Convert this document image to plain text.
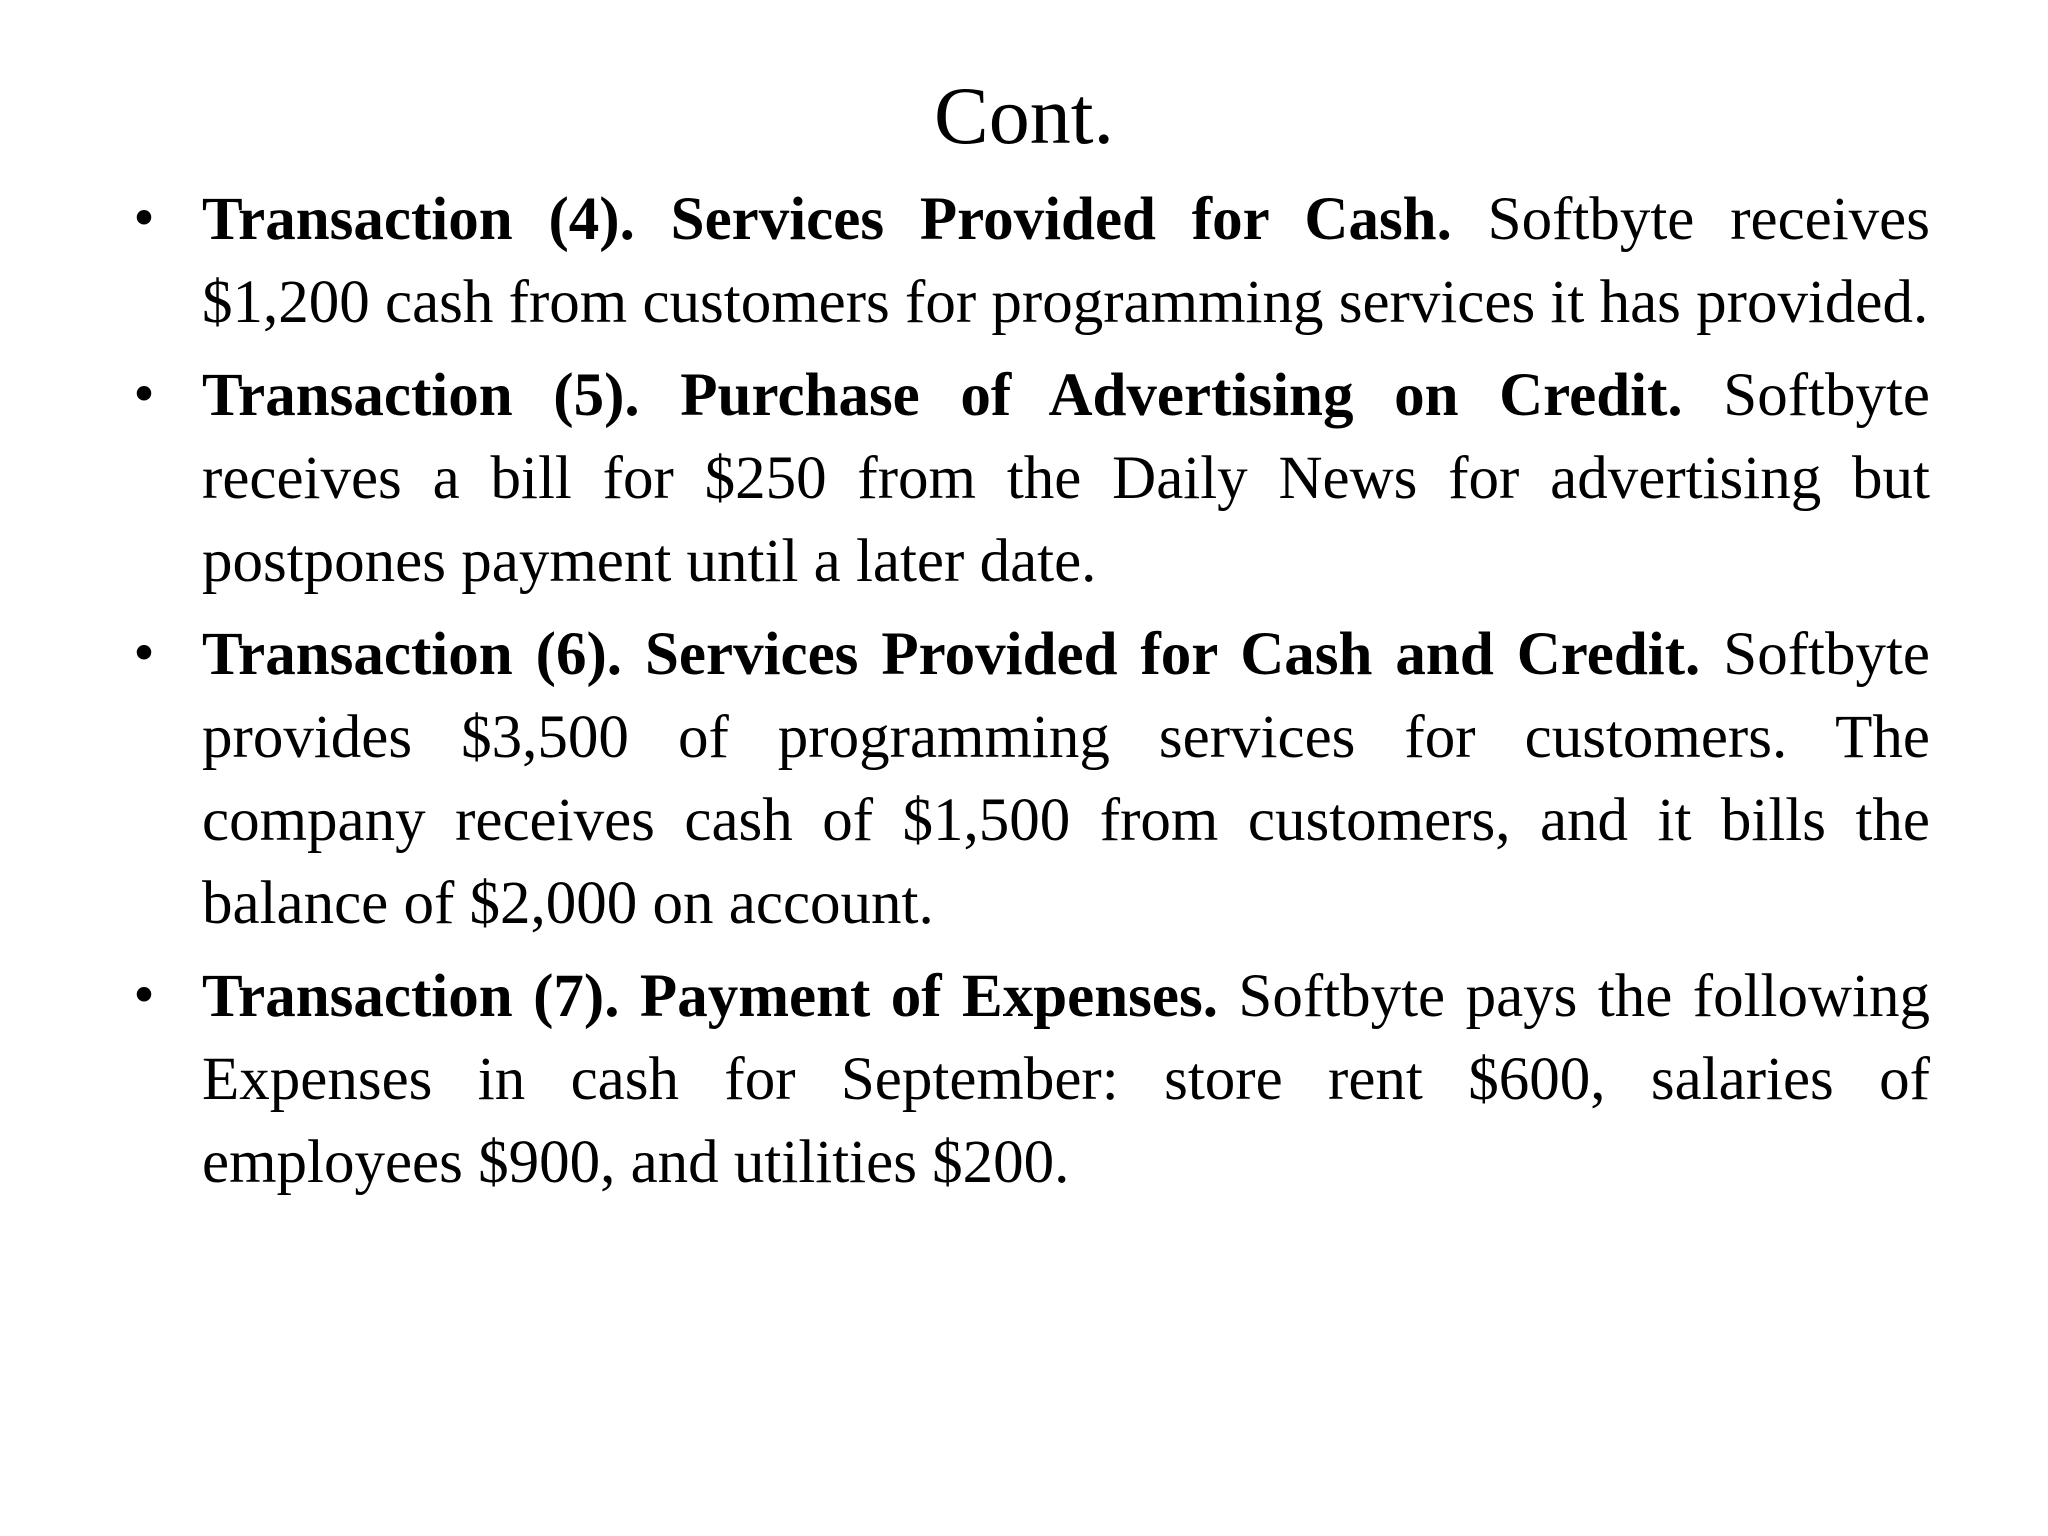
Cont.
• Transaction (4). Services Provided for Cash. Softbyte receives $1,200 cash from customers for programming services it has provided.
• Transaction (5). Purchase of Advertising on Credit. Softbyte receives a bill for $250 from the Daily News for advertising but postpones payment until a later date.
• Transaction (6). Services Provided for Cash and Credit. Softbyte provides $3,500 of programming services for customers. The company receives cash of $1,500 from customers, and it bills the balance of $2,000 on account.
• Transaction (7). Payment of Expenses. Softbyte pays the following Expenses in cash for September: store rent $600, salaries of employees $900, and utilities $200.
